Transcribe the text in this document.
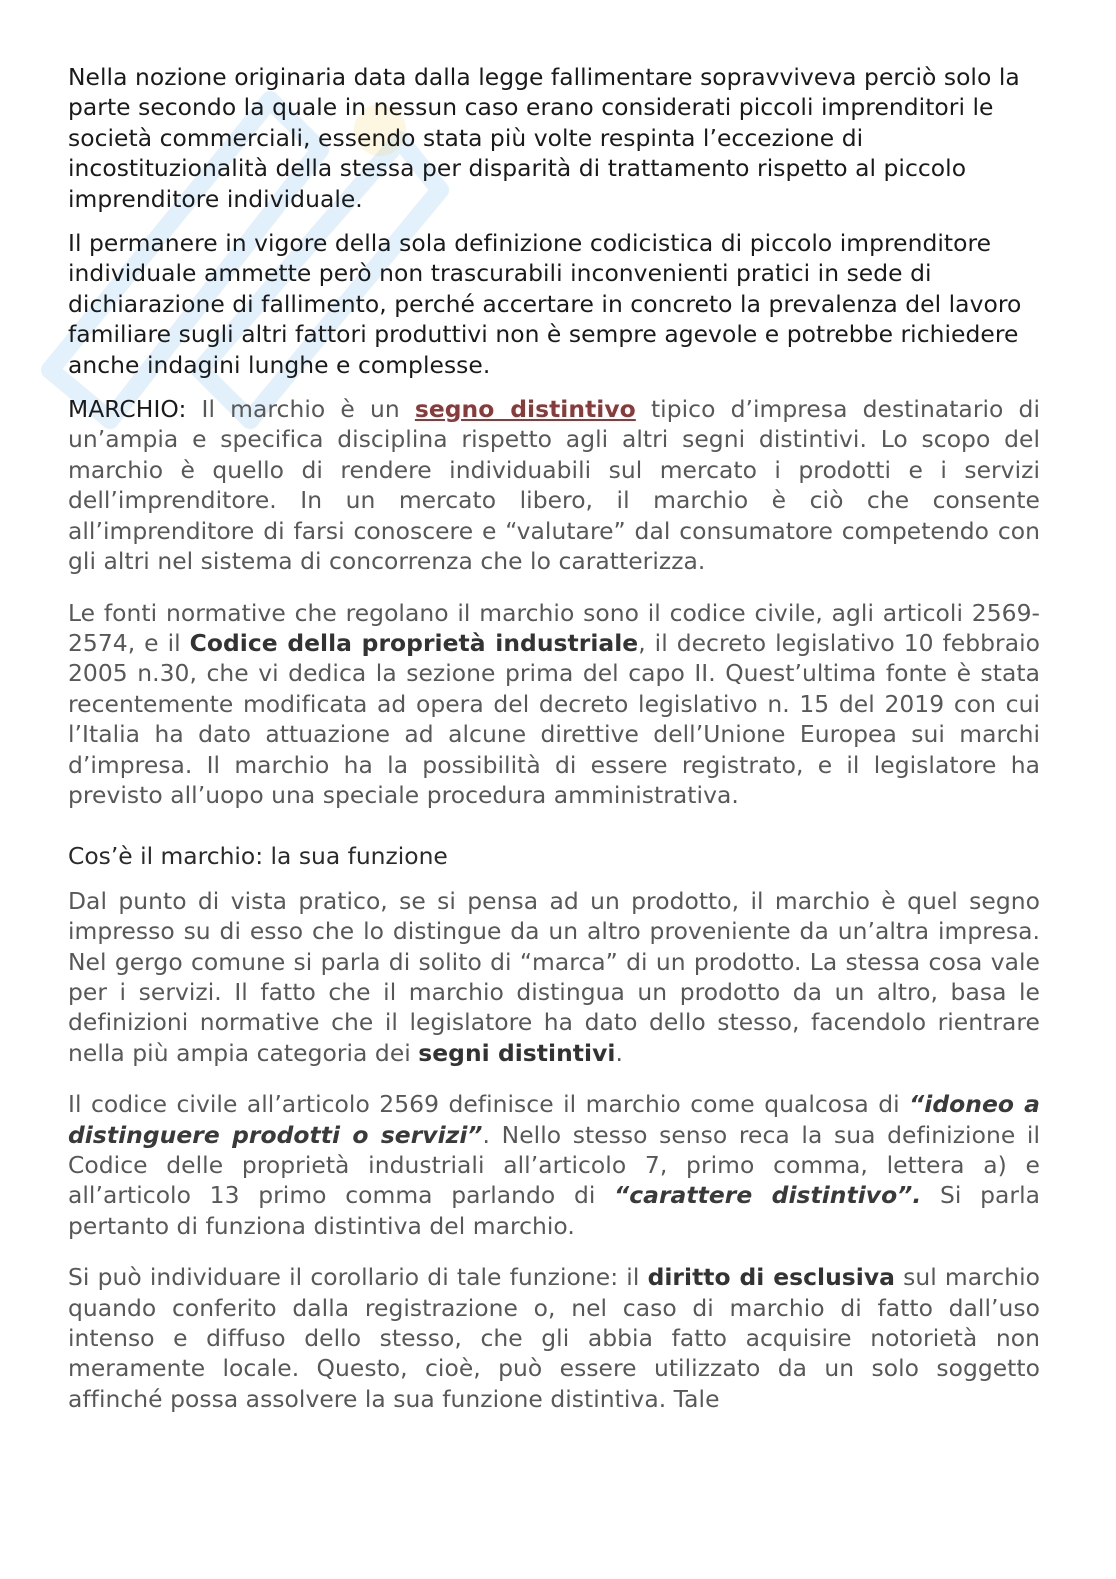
Nella nozione originaria data dalla legge fallimentare sopravviveva perciò solo la parte secondo la quale in nessun caso erano considerati piccoli imprenditori le società commerciali, essendo stata più volte respinta l’eccezione di incostituzionalità della stessa per disparità di trattamento rispetto al piccolo imprenditore individuale.

Il permanere in vigore della sola definizione codicistica di piccolo imprenditore individuale ammette però non trascurabili inconvenienti pratici in sede di dichiarazione di fallimento, perché accertare in concreto la prevalenza del lavoro familiare sugli altri fattori produttivi non è sempre agevole e potrebbe richiedere anche indagini lunghe e complesse.

MARCHIO: Il marchio è un segno distintivo tipico d’impresa destinatario di un’ampia e specifica disciplina rispetto agli altri segni distintivi. Lo scopo del marchio è quello di rendere individuabili sul mercato i prodotti e i servizi dell’imprenditore. In un mercato libero, il marchio è ciò che consente all’imprenditore di farsi conoscere e “valutare” dal consumatore competendo con gli altri nel sistema di concorrenza che lo caratterizza.

Le fonti normative che regolano il marchio sono il codice civile, agli articoli 2569-2574, e il Codice della proprietà industriale, il decreto legislativo 10 febbraio 2005 n.30, che vi dedica la sezione prima del capo II. Quest’ultima fonte è stata recentemente modificata ad opera del decreto legislativo n. 15 del 2019 con cui l’Italia ha dato attuazione ad alcune direttive dell’Unione Europea sui marchi d’impresa. Il marchio ha la possibilità di essere registrato, e il legislatore ha previsto all’uopo una speciale procedura amministrativa.

Cos’è il marchio: la sua funzione

Dal punto di vista pratico, se si pensa ad un prodotto, il marchio è quel segno impresso su di esso che lo distingue da un altro proveniente da un’altra impresa. Nel gergo comune si parla di solito di “marca” di un prodotto. La stessa cosa vale per i servizi. Il fatto che il marchio distingua un prodotto da un altro, basa le definizioni normative che il legislatore ha dato dello stesso, facendolo rientrare nella più ampia categoria dei segni distintivi.

Il codice civile all’articolo 2569 definisce il marchio come qualcosa di “idoneo a distinguere prodotti o servizi”. Nello stesso senso reca la sua definizione il Codice delle proprietà industriali all’articolo 7, primo comma, lettera a) e all’articolo 13 primo comma parlando di “carattere distintivo”. Si parla pertanto di funziona distintiva del marchio.

Si può individuare il corollario di tale funzione: il diritto di esclusiva sul marchio quando conferito dalla registrazione o, nel caso di marchio di fatto dall’uso intenso e diffuso dello stesso, che gli abbia fatto acquisire notorietà non meramente locale. Questo, cioè, può essere utilizzato da un solo soggetto affinché possa assolvere la sua funzione distintiva. Tale
